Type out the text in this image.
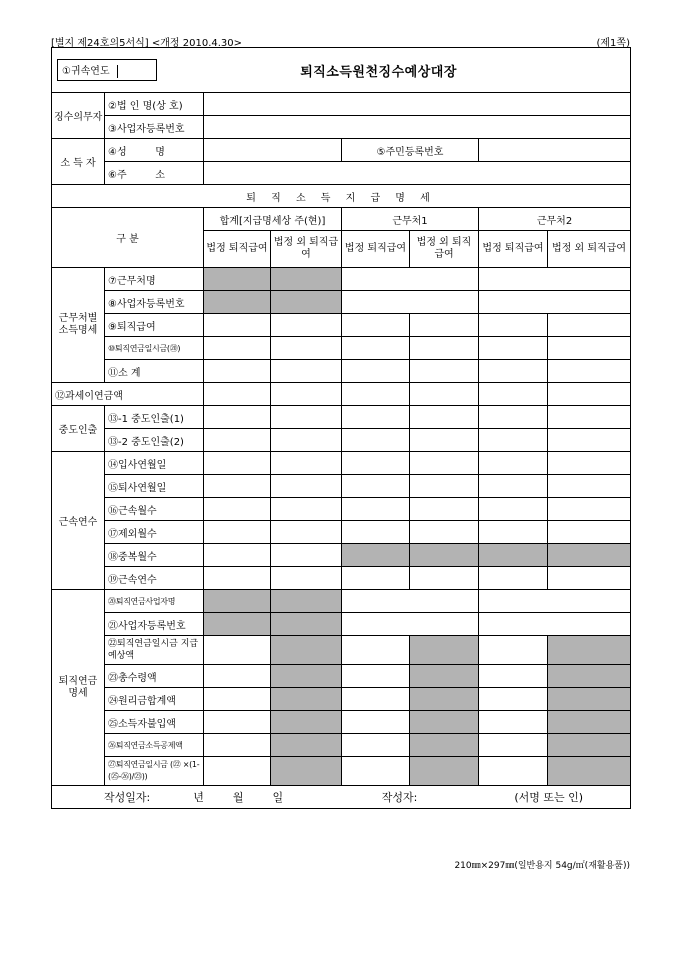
[별지 제24호의5서식] <개정 2010.4.30>	(제1쪽)
①귀속연도 퇴직소득원천징수예상대장							

징수의무자	②법 인 명(상 호)						
	③사업자등록번호						
소 득 자	④성         명			⑤주민등록번호			
	⑥주         소						
퇴 직 소 득 지 급 명 세							
구 분		합계[지급명세상 주(현)]		근무처1		근무처2	
		법정 퇴직급여	법정 외 퇴직급여	법정 퇴직급여	법정 외 퇴직급여	법정 퇴직급여	법정 외 퇴직급여
근무처별 소득명세	⑦근무처명						
	⑧사업자등록번호						
	⑨퇴직급여						
	⑩퇴직연금일시금(⑳)						
	⑪소 계						
⑫과세이연금액							
중도인출	⑬-1 중도인출(1)						
	⑬-2 중도인출(2)						
근속연수	⑭입사연월일						
	⑮퇴사연월일						
	⑯근속월수						
	⑰제외월수						
	⑱중복월수						
	⑲근속연수						
퇴직연금 명세	⑳퇴직연금사업자명						
	㉑사업자등록번호						
	㉒퇴직연금일시금 지급예상액						
	㉓총수령액						
	㉔원리금합계액						
	㉕소득자불입액						
	㉖퇴직연금소득공제액						
	㉗퇴직연금일시금 (㉒ ×(1-(㉕-㉖)/㉓))						

작성일자: 년 월 일 작성자: (서명 또는 인)							
210㎜×297㎜(일반용지 54g/㎡(재활용품))
